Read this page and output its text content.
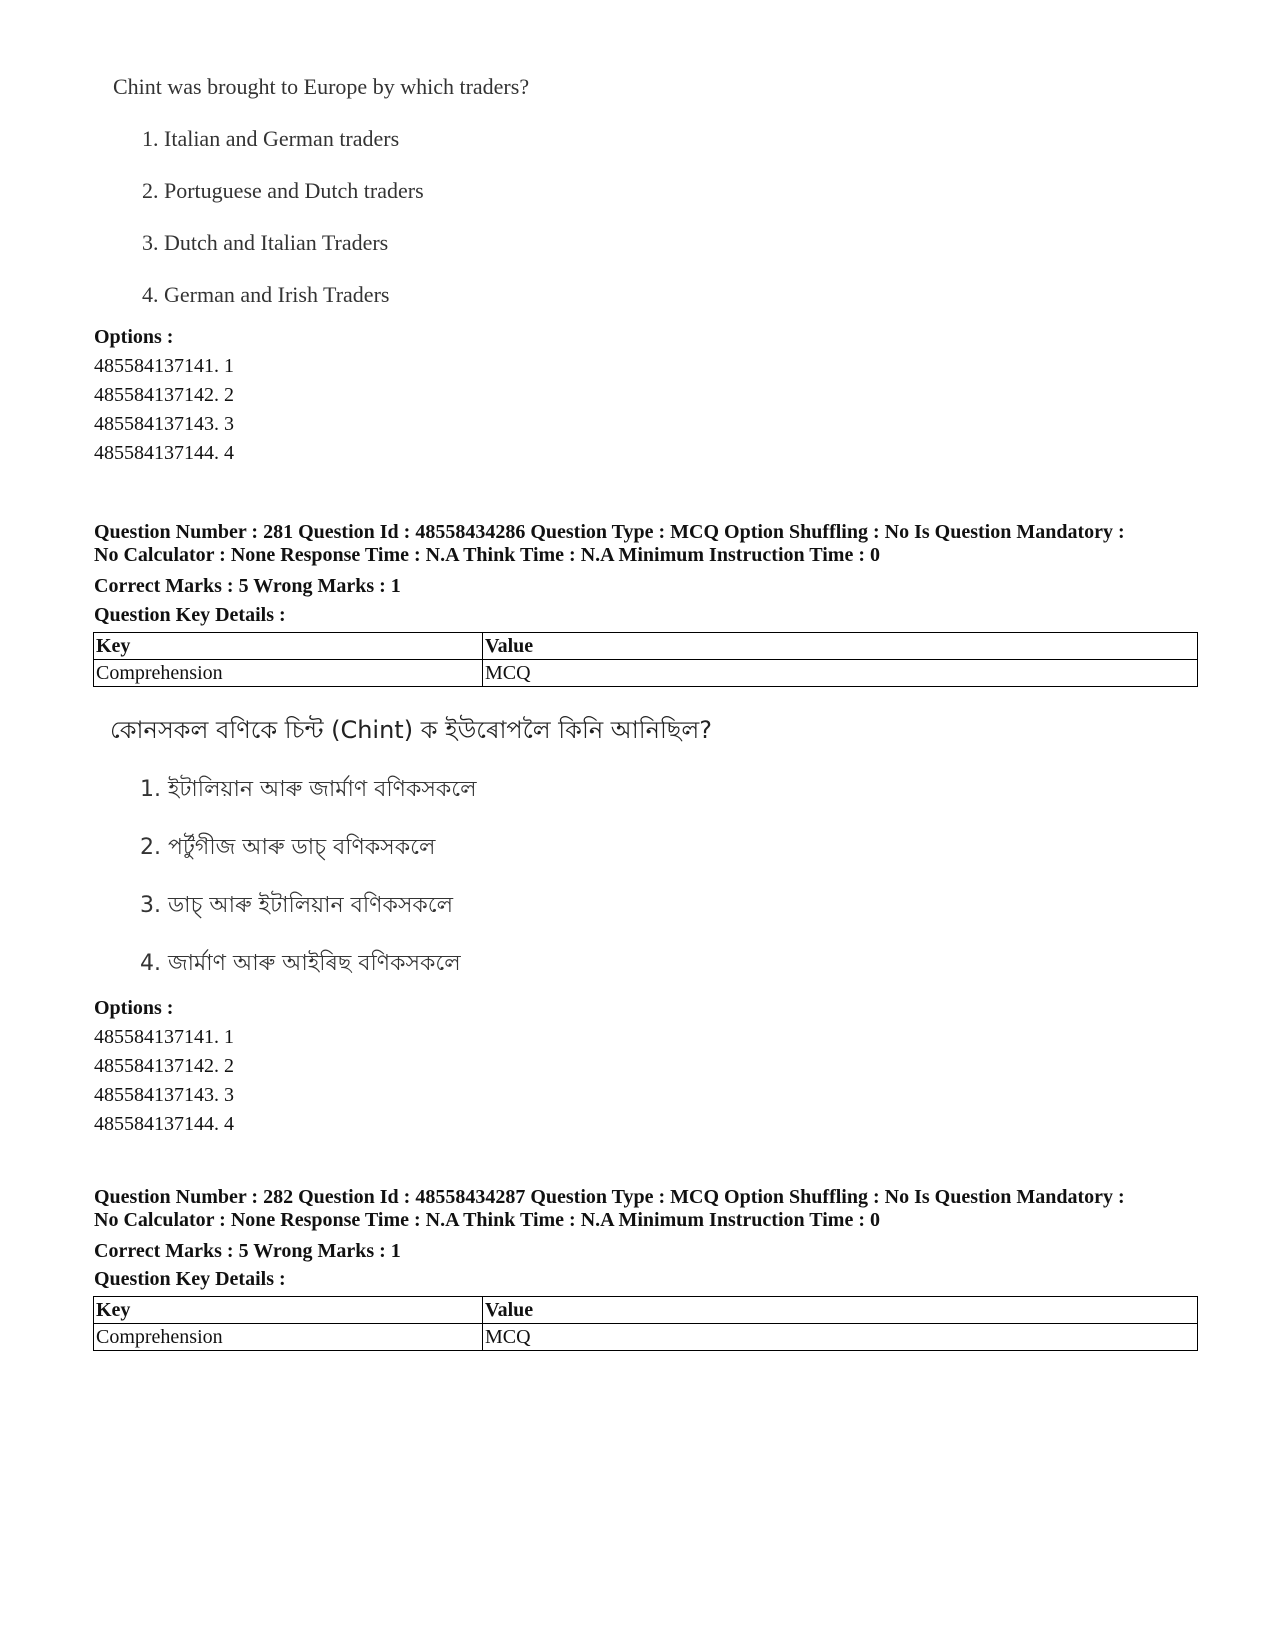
Chint was brought to Europe by which traders?
1. Italian and German traders
2. Portuguese and Dutch traders
3. Dutch and Italian Traders
4. German and Irish Traders
Options :
485584137141. 1
485584137142. 2
485584137143. 3
485584137144. 4
Question Number : 281 Question Id : 48558434286 Question Type : MCQ Option Shuffling : No Is Question Mandatory :
No Calculator : None Response Time : N.A Think Time : N.A Minimum Instruction Time : 0
Correct Marks : 5 Wrong Marks : 1
Question Key Details :
Key	Value
Comprehension	MCQ
কোনসকল বণিকে চিন্ট (Chint) ক ইউৰোপলৈ কিনি আনিছিল?
1. ইটালিয়ান আৰু জাৰ্মাণ বণিকসকলে
2. পৰ্টুগীজ আৰু ডাচ্ বণিকসকলে
3. ডাচ্ আৰু ইটালিয়ান বণিকসকলে
4. জাৰ্মাণ আৰু আইৰিছ বণিকসকলে
Options :
485584137141. 1
485584137142. 2
485584137143. 3
485584137144. 4
Question Number : 282 Question Id : 48558434287 Question Type : MCQ Option Shuffling : No Is Question Mandatory :
No Calculator : None Response Time : N.A Think Time : N.A Minimum Instruction Time : 0
Correct Marks : 5 Wrong Marks : 1
Question Key Details :
Key	Value
Comprehension	MCQ
